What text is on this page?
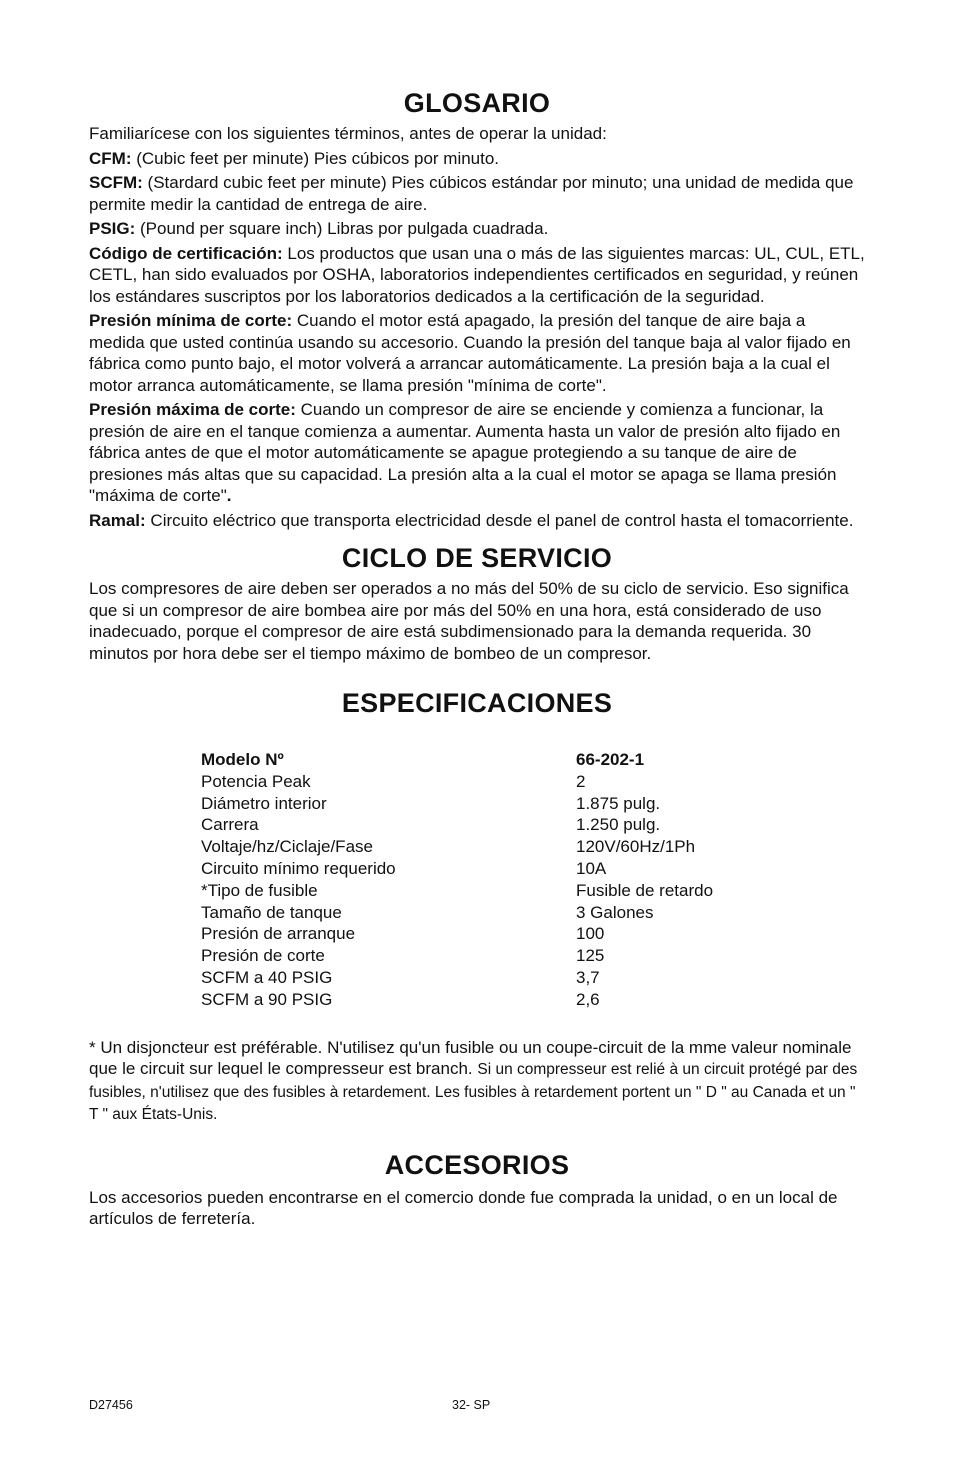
GLOSARIO

Familiarícese con los siguientes términos, antes de operar la unidad:

CFM: (Cubic feet per minute) Pies cúbicos por minuto.

SCFM: (Stardard cubic feet per minute) Pies cúbicos estándar por minuto; una unidad de medida que permite medir la cantidad de entrega de aire.

PSIG: (Pound per square inch) Libras por pulgada cuadrada.

Código de certificación: Los productos que usan una o más de las siguientes marcas: UL, CUL, ETL, CETL, han sido evaluados por OSHA, laboratorios independientes certificados en seguridad, y reúnen los estándares suscriptos por los laboratorios dedicados a la certificación de la seguridad.

Presión mínima de corte: Cuando el motor está apagado, la presión del tanque de aire baja a medida que usted continúa usando su accesorio. Cuando la presión del tanque baja al valor fijado en fábrica como punto bajo, el motor volverá a arrancar automáticamente. La presión baja a la cual el motor arranca automáticamente, se llama presión "mínima de corte".

Presión máxima de corte: Cuando un compresor de aire se enciende y comienza a funcionar, la presión de aire en el tanque comienza a aumentar. Aumenta hasta un valor de presión alto fijado en fábrica antes de que el motor automáticamente se apague protegiendo a su tanque de aire de presiones más altas que su capacidad. La presión alta a la cual el motor se apaga se llama presión "máxima de corte".

Ramal: Circuito eléctrico que transporta electricidad desde el panel de control hasta el tomacorriente.

CICLO DE SERVICIO

Los compresores de aire deben ser operados a no más del 50% de su ciclo de servicio. Eso significa que si un compresor de aire bombea aire por más del 50% en una hora, está considerado de uso inadecuado, porque el compresor de aire está subdimensionado para la demanda requerida. 30 minutos por hora debe ser el tiempo máximo de bombeo de un compresor.

ESPECIFICACIONES
Modelo Nº	66-202-1
Potencia Peak	2
Diámetro interior	1.875 pulg.
Carrera	1.250 pulg.
Voltaje/hz/Ciclaje/Fase	120V/60Hz/1Ph
Circuito mínimo requerido	10A
*Tipo de fusible	Fusible de retardo
Tamaño de tanque	3 Galones
Presión de arranque	100
Presión de corte	125
SCFM a 40 PSIG	3,7
SCFM a 90 PSIG	2,6

* Un disjoncteur est préférable. N'utilisez qu'un fusible ou un coupe-circuit de la mme valeur nominale que le circuit sur lequel le compresseur est branch. Si un compresseur est relié à un circuit protégé par des fusibles, n'utilisez que des fusibles à retardement. Les fusibles à retardement portent un " D " au Canada et un " T " aux États-Unis.

ACCESORIOS

Los accesorios pueden encontrarse en el comercio donde fue comprada la unidad, o en un local de artículos de ferretería.

D27456	32- SP
